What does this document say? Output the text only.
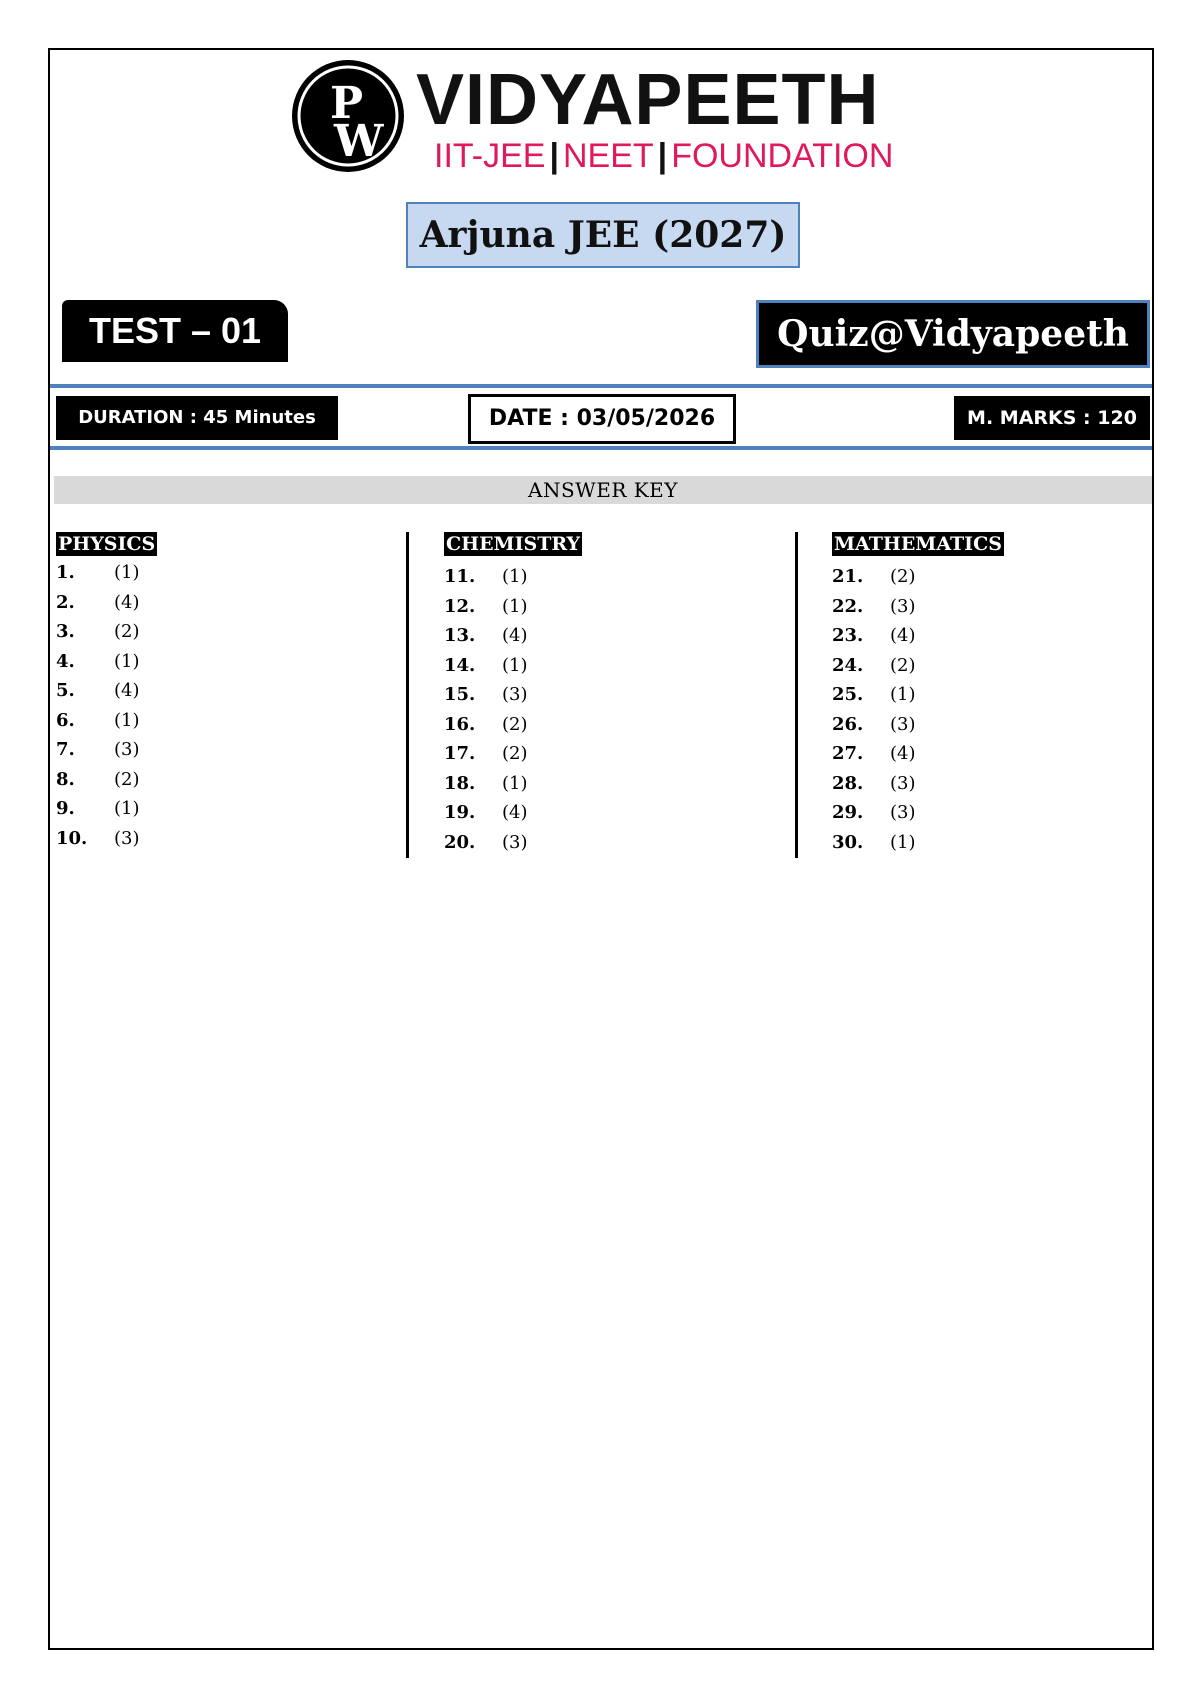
P
W
VIDYAPEETH
IIT-JEE | NEET | FOUNDATION
Arjuna JEE (2027)
TEST – 01	Quiz@Vidyapeeth
DURATION : 45 Minutes	DATE : 03/05/2026	M. MARKS : 120
ANSWER KEY
PHYSICS
1. (1)
2. (4)
3. (2)
4. (1)
5. (4)
6. (1)
7. (3)
8. (2)
9. (1)
10. (3)
CHEMISTRY
11. (1)
12. (1)
13. (4)
14. (1)
15. (3)
16. (2)
17. (2)
18. (1)
19. (4)
20. (3)
MATHEMATICS
21. (2)
22. (3)
23. (4)
24. (2)
25. (1)
26. (3)
27. (4)
28. (3)
29. (3)
30. (1)
